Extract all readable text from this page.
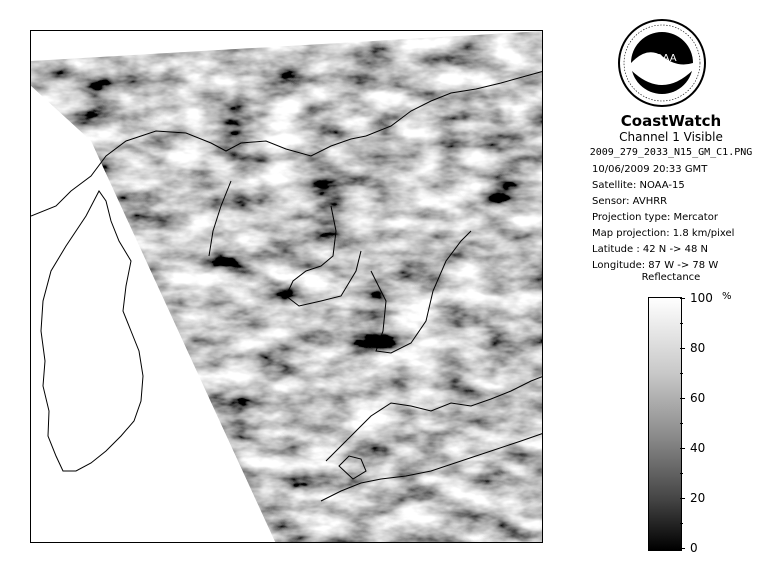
NOAA
CoastWatch
Channel 1 Visible
2009_279_2033_N15_GM_C1.PNG
10/06/2009 20:33 GMT
Satellite: NOAA-15
Sensor: AVHRR
Projection type: Mercator
Map projection: 1.8 km/pixel
Latitude : 42 N -> 48 N
Longitude: 87 W -> 78 W
Reflectance
%
100
80
60
40
20
0
